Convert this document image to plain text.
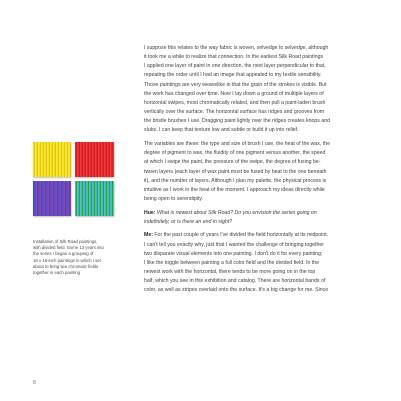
Installation of Silk Road paintings,
with divided field. Some 13 years into
the series I began a grouping of
18 x 18-inch paintings in which I set
about to bring two chromatic fields
together in each painting

I suppose this relates to the way fabric is woven, selvedge to selvedge, although
it took me a while to realize that connection. In the earliest Silk Road paintings
I applied one layer of paint in one direction, the next layer perpendicular to that,
repeating the order until I had an image that appealed to my textile sensibility.
Those paintings are very weavelike in that the grain of the strokes is visible. But
the work has changed over time. Now I lay down a ground of multiple layers of
horizontal swipes, most chromatically related, and then pull a paint-laden brush
vertically over the surface. The horizontal surface has ridges and grooves from
the bristle brushes I use. Dragging paint lightly over the ridges creates knops and
slubs. I can keep that texture low and subtle or build it up into relief.

The variables are these: the type and size of brush I use, the heat of the wax, the
degree of pigment to wax, the fluidity of one pigment versus another, the speed
at which I swipe the paint, the pressure of the swipe, the degree of fusing be-
tween layers (each layer of wax paint must be fused by heat to the one beneath
it), and the number of layers. Although I plan my palette, the physical process is
intuitive as I work in the heat of the moment. I approach my ideas directly while
being open to serendipity.

Hue: What is newest about Silk Road? Do you envision the series going on
indefinitely, or is there an end in sight?

Me: For the past couple of years I've divided the field horizontally at its midpoint.
I can't tell you exactly why, just that I wanted the challenge of bringing together
two disparate visual elements into one painting. I don't do it for every painting;
I like the toggle between painting a full color field and the divided field. In the
newest work with the horizontal, there tends to be more going on in the top
half, which you see in this exhibition and catalog. There are horizontal bands of
color, as well as stripes overlaid onto the surface. It's a big change for me. Since

8
